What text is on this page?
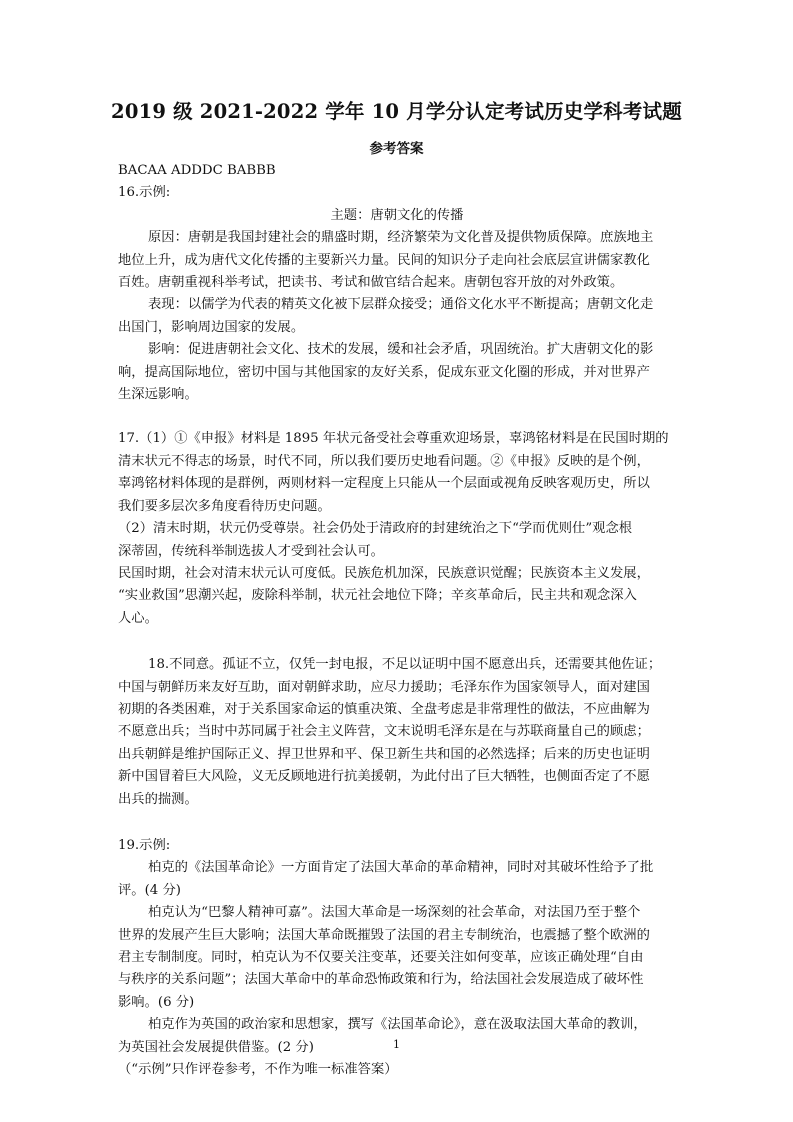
2019 级 2021-2022 学年 10 月学分认定考试历史学科考试题
参考答案
BACAA ADDDC BABBB
16.示例:
主题：唐朝文化的传播
原因：唐朝是我国封建社会的鼎盛时期，经济繁荣为文化普及提供物质保障。庶族地主
地位上升，成为唐代文化传播的主要新兴力量。民间的知识分子走向社会底层宣讲儒家教化
百姓。唐朝重视科举考试，把读书、考试和做官结合起来。唐朝包容开放的对外政策。
表现：以儒学为代表的精英文化被下层群众接受；通俗文化水平不断提高；唐朝文化走
出国门，影响周边国家的发展。
影响：促进唐朝社会文化、技术的发展，缓和社会矛盾，巩固统治。扩大唐朝文化的影
响，提高国际地位，密切中国与其他国家的友好关系，促成东亚文化圈的形成，并对世界产
生深远影响。
17.（1）①《申报》材料是 1895 年状元备受社会尊重欢迎场景，辜鸿铭材料是在民国时期的
清末状元不得志的场景，时代不同，所以我们要历史地看问题。②《申报》反映的是个例，
辜鸿铭材料体现的是群例，两则材料一定程度上只能从一个层面或视角反映客观历史，所以
我们要多层次多角度看待历史问题。
（2）清末时期，状元仍受尊崇。社会仍处于清政府的封建统治之下“学而优则仕”观念根
深蒂固，传统科举制选拔人才受到社会认可。
民国时期，社会对清末状元认可度低。民族危机加深，民族意识觉醒；民族资本主义发展，
“实业救国”思潮兴起，废除科举制，状元社会地位下降；辛亥革命后，民主共和观念深入
人心。
18.不同意。孤证不立，仅凭一封电报，不足以证明中国不愿意出兵，还需要其他佐证；
中国与朝鲜历来友好互助，面对朝鲜求助，应尽力援助；毛泽东作为国家领导人，面对建国
初期的各类困难，对于关系国家命运的慎重决策、全盘考虑是非常理性的做法，不应曲解为
不愿意出兵；当时中苏同属于社会主义阵营，文末说明毛泽东是在与苏联商量自己的顾虑；
出兵朝鲜是维护国际正义、捍卫世界和平、保卫新生共和国的必然选择；后来的历史也证明
新中国冒着巨大风险，义无反顾地进行抗美援朝，为此付出了巨大牺牲，也侧面否定了不愿
出兵的揣测。
19.示例:
柏克的《法国革命论》一方面肯定了法国大革命的革命精神，同时对其破坏性给予了批
评。(4 分)
柏克认为“巴黎人精神可嘉”。法国大革命是一场深刻的社会革命，对法国乃至于整个
世界的发展产生巨大影响；法国大革命既摧毁了法国的君主专制统治，也震撼了整个欧洲的
君主专制制度。同时，柏克认为不仅要关注变革，还要关注如何变革，应该正确处理“自由
与秩序的关系问题”；法国大革命中的革命恐怖政策和行为，给法国社会发展造成了破坏性
影响。(6 分)
柏克作为英国的政治家和思想家，撰写《法国革命论》，意在汲取法国大革命的教训，
为英国社会发展提供借鉴。(2 分)
（“示例”只作评卷参考，不作为唯一标准答案）
1
